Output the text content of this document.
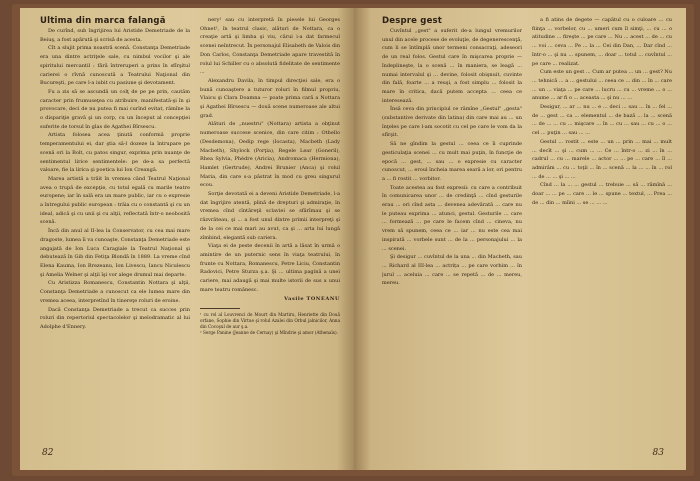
Ultima din marca falangă

De curînd, sub îngrijirea lui Aristide Demetriade de la Beiuş, a fost apărută şi scrisă de acesta.

Cît a slujit prima noastră scenă. Constanţa Demetriade era una dintre actriţele sale, cu nimbul vocilor şi ale spiritului mercantil : fără întreruperi a prins în sfîrşitul carierei o rîvnă cunoscută a Teatrului Naţional din Bucureşti, pe care l-a iubit cu pasiune şi devotament.

Fu a zis să se ascundă un colţ de pe pe prin, cautăm caracter prin frumuseţea cu atribuire, manifestată-şi în şi provocare, deci de nu putea fi mai curînd evitat, rămîne la o dispariţie gravă şi un corp, cu un început al concepţiei suferite de torsul în glas de Agathei Bîrsescu.

Artista folosea acea ţinută conformă proprie temperamentului ei, dar ştia să-l dozeze la întrupare pe scenă ori la Bolt, cu patos singur, exprima prin nuanţe de sentimentul lirice sentimentele: pe de-a sa perfectă valoare, fie la lirica şi poetica lui Ion Creangă.

Marea artistă a trăit în vremea când Teatrul Naţional avea o trupă de excepţie, cu totul egală cu marile teatre europene; iar în sală era un mare public, iar cu o expresie a întregului public european : trăia cu o constantă şi cu un ideal, adică şi cu unii şi cu alţii, reflectată într-o neobosită scenă.

Încă din anul al II-lea la Conservator, cu cea mai mare dragoste, lumea îi va cunoaşte, Constanţa Demetriade este angajată de Ion Luca Caragiale la Teatrul Naţional şi debutează în Gib din Fetiţa Blondă în 1889. La vreme cînd Elena Kauma, Ion Brezeanu, Ion Livescu, Iancu Niculescu şi Amelia Welner şi alţii îşi vor alege drumul mai departe.

Cu Aristizza Romanescu, Constantin Nottara şi alţii, Constanţa Demetriade a cunoscut ca ele lumea mare din vremea aceea, interpretînd în tinereţe roluri de eroine.

Dacă Constanţa Demetriade a trecut ca succes prin roluri din repertoriul spectacolelor şi melodramatic al lui Adolphe d'Ennery.

nery¹ sau cu interpretă în piesele lui Georges Ohnet², în teatrul clasic, alături de Nottara, ca o creaţie artă şi limba şi viu, cărui i-a dat farmecul scenei neîntrecut. În personajul Elisabeth de Valois din Don Carlos, Constanţa Demetriade apare travestită în rolul lui Schiller cu o absolută fidelitate de sentimente ...

Alexandru Davila, în timpul direcţiei sale, era o bună cunoaştere a tuturor roluri în filmul propriu, Vlaicu şi Clara Doamna — poate prima cară a Nottara şi Agathei Bîrsescu — două scene numeroase ale altui grad.

Alături de „nuestru" (Nottara) artista a obţinut numeroase succese scenice, din care citim : Othello (Desdemona), Oedip rege (Iocasta), Macbeth (Lady Macbeth), Shylock (Porţia), Regele Lear (Goneril), Rhea Sylvia, Phèdre (Aricia), Andromaca (Hermiona), Hamlet (Gertrude), Andrei Brunier (Anca) şi rolul Maria, din care s-a păstrat în mod cu greu singurul ecou.

Sorţie devotată ei a deveni Aristide Demetriade, l-a dat îngrijire atentă, plină de drepturi şi admiraţie, în vremea cînd cîntăreţii sclaviei se sfărîmau şi se răzvrăteau, şi ... a fost unul dintre primii interpreţi şi de la cei ce mai mari au avut, ca şi ... arta lui lungă zîmbind, elegantă sub cariera.

Viaţa ei de peste decenii în artă a lăsat în urmă o amintire de un puternic sens în viaţa teatrului, în frunte cu Nottara, Romanescu, Petre Liciu, Constantin Radovici, Petre Sturza ş.a. Şi ... ultima pagină a unei cariere, mai adaugă şi mai multe istorii de sus a unui mare teatru românesc.

Vasile TONEANU

¹ cu rol al Louvrenci de Mourt din Martiru, Henriette din Două orfane, Sophie din Virtue şi rolul Azalei din Orbul jalnicilor, Anna din Cocoşul de aur ş.a.

² Serge Panine (Jeanne de Cernay) şi Mîndrie şi amor (Athenaïs).

82

Despre gest

Cuvîntul „gest" a suferit de-a lungul vremurilor unul din acele procese de evoluţie, de degenerescenţă, cum li se întîmplă unor termeni consacraţi, adeseori de un real folos. Gestul care în mişcarea proprie — îndeplineşte, la o scenă ... în maniera, se leagă ... numai intervalul şi ... devine, folosit obişnuit, cuvinte din fală, foarte ... a reuşi, a fost simplu ... folosit la mare în critica, dacă putem accepta ... ceea ce interesează.

Însă ceva din principiul ce rămîne „Gestul" „gesta" (substantive derivate din latina) din care mai au ... un înţeles pe care l-am socotit cu cel pe care le vom da la sfîrşit.

Să ne gîndim la gestul ... ceea ce îi cuprinde gesticulaţia scenei ... cu mult mai puţin, în funcţie de epocă ... gest, ... sau ... o expresie cu caracter cunoscut, ... eroul încheia marea seară a lor, ori pentru a ... fi rostit ... vorbitor.

Toate acestea au fost expresii: cu care a contribuit în comunicarea unor ... de credinţă ... cînd gesturile erau ... ori cînd asta ... devenea adevărată ... care nu le puteau exprima ... atunci, gestul. Gesturile ... care ... formează ... pe care le facem cînd ... cineva, nu vrem să spunem, ceea ce ... iar ... nu este cea mai inspirată ... vorbele sunt ... de la ... personajului ... la ... scenei.

Şi desigur ... cuvîntul de la una ... din Macbeth, sau ... Richard al III-lea ... actrița ... pe care vorbim ... în jurul ... aceluia ... care ... se repetă ... de ... mereu, mereu.

a fi atins de degete — capătul cu o culoare ... cu fiinţa ... vorbelor, cu ... umeri cum îl simţi, ... cu ... o atitudine ... fireşte ... pe care ... Nu ... acest ... de ... cu ... voi ... ceva ... Pe ... la ... Cei din Dan, ... Dar cînd ... într-o ... şi nu ... spunem, ... doar ... totul ... cuvîntul ... pe care ... realizat.

Cum este un gest ... Cum ar putea ... un ... gest? Nu ... tehnică ... a ... gestului ... ceea ce ... din ... în ... care ... un ... viaţa ... pe care ... lucru ... cu ... vreme ... o ... anume ... ar fi o ... aceasta ... şi nu ... ...

Desigur, ... ar ... nu ... e ... deci ... sau ... în ... fel ... de ... gest ... ca ... elementul ... de bază ... la ... scenă ... de ... ... cu ... mişcare ... în ... cu ... sau ... cu ... o ... cel ... puţin ... sau ... ...

Gestul ... rostit ... este ... un ... prin ... mai ... mult ... decît ... şi ... cum ... ... Ce ... într-o ... zi ... în ... cadrul ... cu ... marele ... actor ... ... pe ... care ... îl ... admirăm ... cu ... toţii ... în ... scenă ... la ... ... în ... rol ... de ... ... şi ... ...

Cînd ... la ... ... gestul ... trebuie ... să ... rămînă ... doar ... ... pe ... care ... le ... spune ... textul, ... Prea ... de ... din ... mîini ... se ... ... ...

83
